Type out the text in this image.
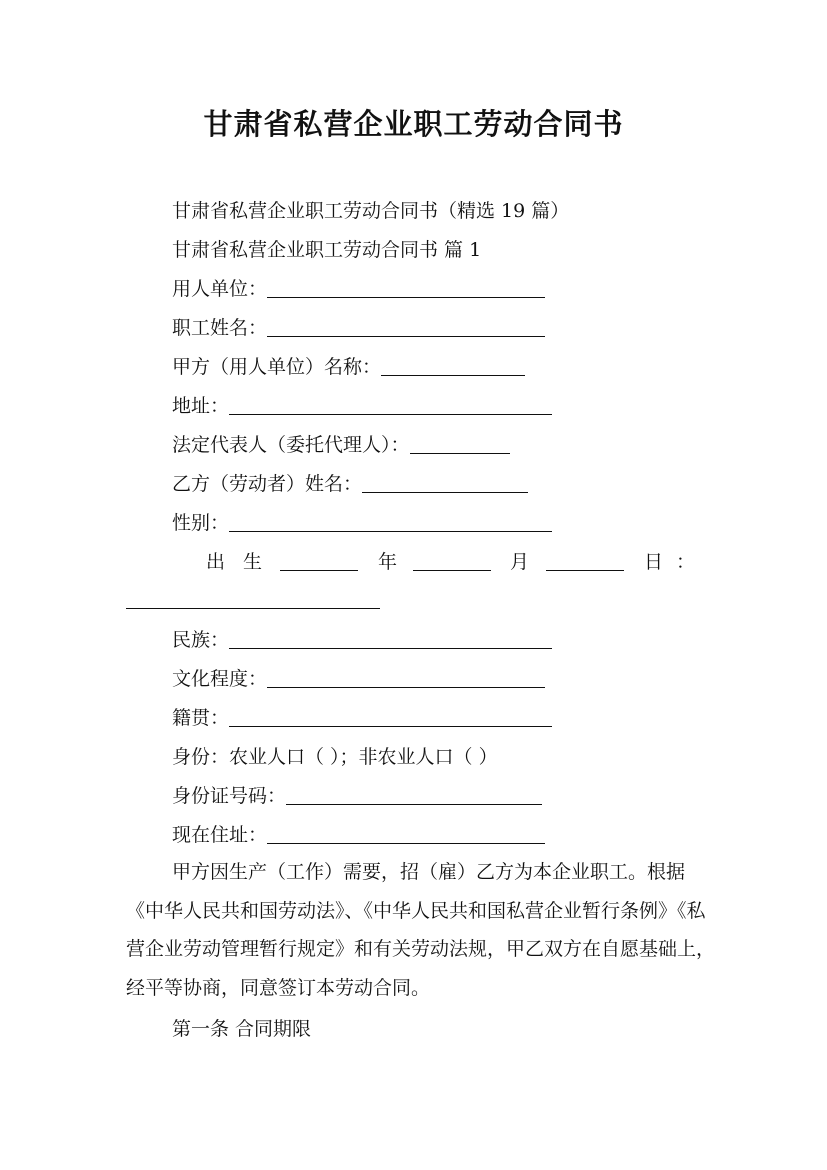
甘肃省私营企业职工劳动合同书
甘肃省私营企业职工劳动合同书（精选 19 篇）
甘肃省私营企业职工劳动合同书 篇 1
用人单位：
职工姓名：
甲方（用人单位）名称：
地址：
法定代表人（委托代理人）：
乙方（劳动者）姓名：
性别：
出 生	年	月	日 ：
民族：
文化程度：
籍贯：
身份：农业人口（ ）；非农业人口（ ）
身份证号码：
现在住址：
甲方因生产（工作）需要，招（雇）乙方为本企业职工。根据《中华人民共和国劳动法》、《中华人民共和国私营企业暂行条例》《私营企业劳动管理暂行规定》和有关劳动法规，甲乙双方在自愿基础上，经平等协商，同意签订本劳动合同。
第一条 合同期限
